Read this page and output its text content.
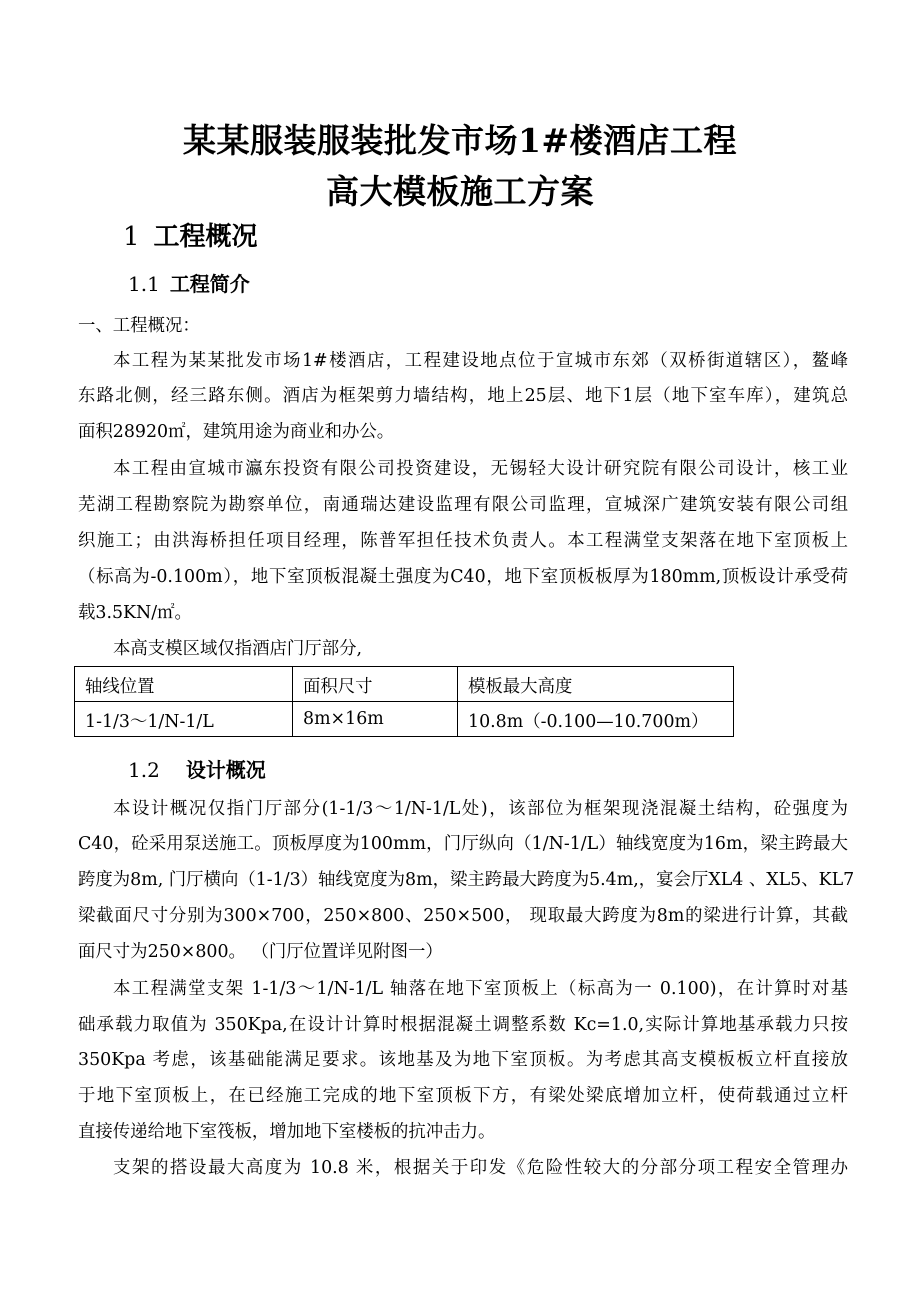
某某服装服装批发市场1#楼酒店工程
高大模板施工方案
1 工程概况
1.1 工程简介
一、工程概况：
本工程为某某批发市场1#楼酒店，工程建设地点位于宣城市东郊（双桥街道辖区），鳌峰
东路北侧，经三路东侧。酒店为框架剪力墙结构，地上25层、地下1层（地下室车库），建筑总
面积28920㎡，建筑用途为商业和办公。
本工程由宣城市瀛东投资有限公司投资建设，无锡轻大设计研究院有限公司设计，核工业
芜湖工程勘察院为勘察单位，南通瑞达建设监理有限公司监理，宣城深广建筑安装有限公司组
织施工；由洪海桥担任项目经理，陈普军担任技术负责人。本工程满堂支架落在地下室顶板上
（标高为-0.100m），地下室顶板混凝土强度为C40，地下室顶板板厚为180mm,顶板设计承受荷
载3.5KN/㎡。
本高支模区域仅指酒店门厅部分,
轴线位置	面积尺寸	模板最大高度
1-1/3～1/N-1/L	8m×16m	10.8m（-0.100—10.700m）
1.2 设计概况
本设计概况仅指门厅部分(1-1/3～1/N-1/L处)，该部位为框架现浇混凝土结构，砼强度为
C40，砼采用泵送施工。顶板厚度为100mm，门厅纵向（1/N-1/L）轴线宽度为16m，梁主跨最大
跨度为8m, 门厅横向（1-1/3）轴线宽度为8m，梁主跨最大跨度为5.4m,，宴会厅XL4 、XL5、KL7
梁截面尺寸分别为300×700，250×800、250×500， 现取最大跨度为8m的梁进行计算，其截
面尺寸为250×800。 （门厅位置详见附图一）
本工程满堂支架 1-1/3～1/N-1/L 轴落在地下室顶板上（标高为一 0.100)，在计算时对基
础承载力取值为 350Kpa,在设计计算时根据混凝土调整系数 Kc=1.0,实际计算地基承载力只按
350Kpa 考虑，该基础能满足要求。该地基及为地下室顶板。为考虑其高支模板板立杆直接放
于地下室顶板上，在已经施工完成的地下室顶板下方，有梁处梁底增加立杆，使荷载通过立杆
直接传递给地下室筏板，增加地下室楼板的抗冲击力。
支架的搭设最大高度为 10.8 米，根据关于印发《危险性较大的分部分项工程安全管理办
